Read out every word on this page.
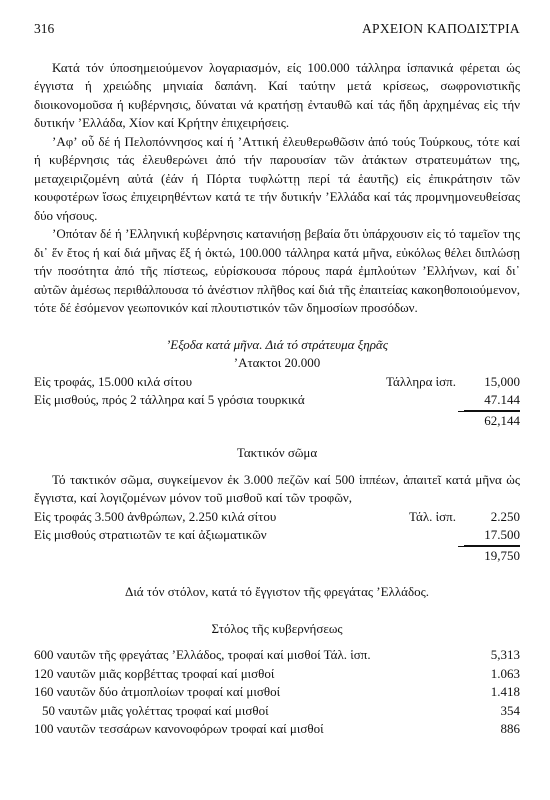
316	ΑΡΧΕΙΟΝ ΚΑΠΟΔΙΣΤΡΙΑ

Κατά τόν ύποσημειούμενον λογαριασμόν, είς 100.000 τάλληρα ίσπανικά φέρεται ώς έγγιστα ή χρειώδης μηνιαία δαπάνη. Καί ταύτην μετά κρίσεως, σωφρονιστικῆς διοικονομοῦσα ή κυβέρνησις, δύναται νά κρατήσῃ ἐνταυθῶ καί τάς ἤδη ἀρχημένας εἰς τήν δυτικήν ʼΕλλάδα, Χίον καί Κρήτην ἐπιχειρήσεις.

ʼΑφʼ οὗ δέ ή Πελοπόννησος καί ή ʼΑττική ἐλευθερωθῶσιν ἀπό τούς Τούρκους, τότε καί ή κυβέρνησις τάς ἐλευθερώνει ἀπό τήν παρουσίαν τῶν ἀτάκτων στρατευμάτων της, μεταχειριζομένη αὐτά (ἐάν ή Πόρτα τυφλώττῃ περί τά ἑαυτῆς) εἰς ἐπικράτησιν τῶν κουφοτέρων ἴσως ἐπιχειρηθέντων κατά τε τήν δυτικήν ʼΕλλάδα καί τάς προμνημονευθείσας δύο νήσους.

ʼΟπόταν δέ ή ʼΕλληνική κυβέρνησις κατανιήσῃ βεβαία ὅτι ὑπάρχουσιν εἰς τό ταμεῖον της δι᾽ ἕν ἔτος ή καί διά μῆνας ἕξ ή ὀκτώ, 100.000 τάλληρα κατά μῆνα, εὐκόλως θέλει διπλώσῃ τήν ποσότητα ἀπό τῆς πίστεως, εὑρίσκουσα πόρους παρά ἐμπλούτων ʼΕλλήνων, καί δι᾽ αὐτῶν ἀμέσως περιθάλπουσα τό ἀνέστιον πλῆθος καί διά τῆς ἐπαιτείας κακοηθοποιούμενον, τότε δέ ἐσόμενον γεωπονικόν καί πλουτιστικόν τῶν δημοσίων προσόδων.

ʼΕξοδα κατά μῆνα. Διά τό στράτευμα ξηρᾶς
ʼΑτακτοι 20.000
Εἰς τροφάς, 15.000 κιλά σίτου	Τάλληρα ἱσπ.	15,000
Εἰς μισθούς, πρός 2 τάλληρα καί 5 γρόσια τουρκικά	47.144
62,144
Τακτικόν σῶμα

Τό τακτικόν σῶμα, συγκείμενον ἐκ 3.000 πεζῶν καί 500 ἱππέων, ἀπαιτεῖ κατά μῆνα ὡς ἔγγιστα, καί λογιζομένων μόνον τοῦ μισθοῦ καί τῶν τροφῶν,

Εἰς τροφάς 3.500 ἀνθρώπων, 2.250 κιλά σίτου	Τάλ. ἱσπ.	2.250
Εἰς μισθούς στρατιωτῶν τε καί ἀξιωματικῶν	17.500
19,750
Διά τόν στόλον, κατά τό ἔγγιστον τῆς φρεγάτας ʼΕλλάδος.
Στόλος τῆς κυβερνήσεως
600 ναυτῶν τῆς φρεγάτας ʼΕλλάδος, τροφαί καί μισθοί Τάλ. ἱσπ.	5,313
120 ναυτῶν μιᾶς κορβέττας τροφαί καί μισθοί	1.063
160 ναυτῶν δύο ἀτμοπλοίων τροφαί καί μισθοί	1.418
50 ναυτῶν μιᾶς γολέττας τροφαί καί μισθοί	354
100 ναυτῶν τεσσάρων κανονοφόρων τροφαί καί μισθοί	886
